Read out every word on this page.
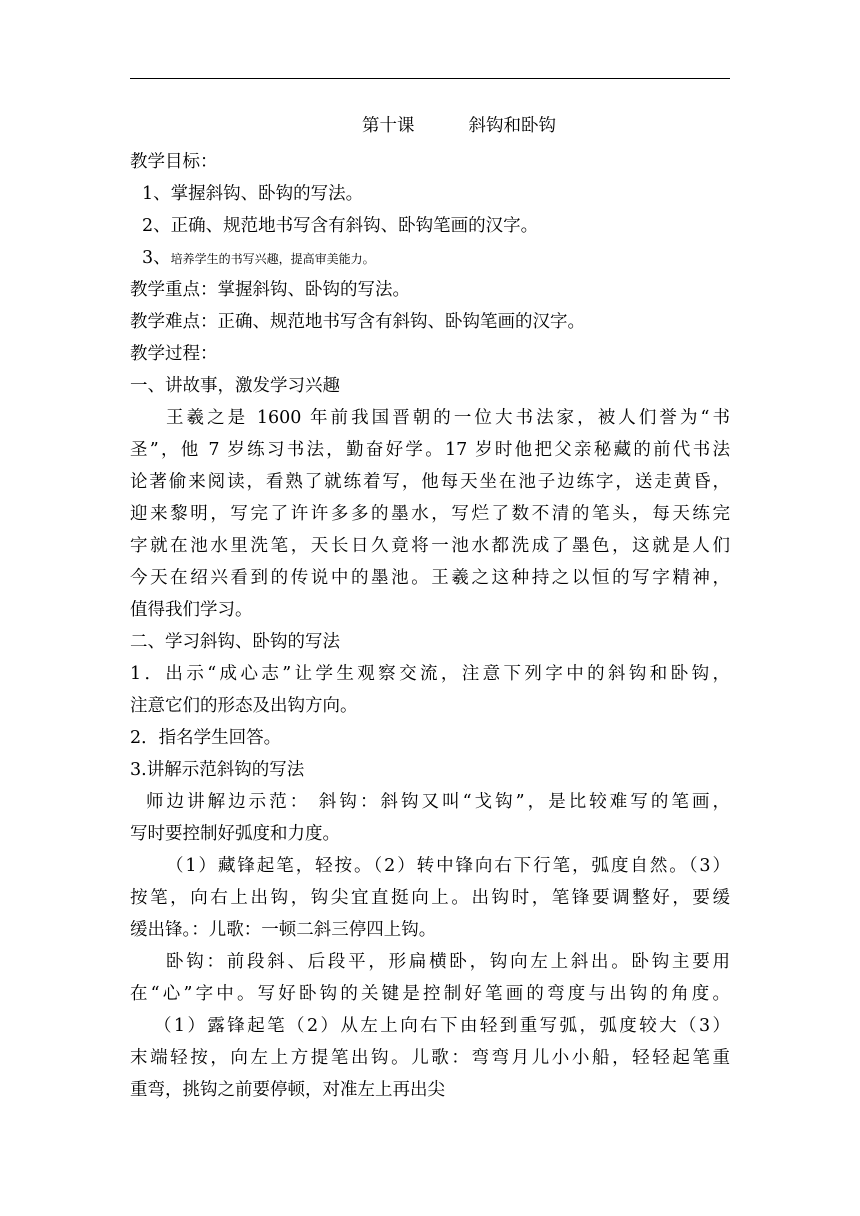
第十课	斜钩和卧钩
教学目标：
1、掌握斜钩、卧钩的写法。
2、正确、规范地书写含有斜钩、卧钩笔画的汉字。
3、培养学生的书写兴趣，提高审美能力。
教学重点：掌握斜钩、卧钩的写法。
教学难点：正确、规范地书写含有斜钩、卧钩笔画的汉字。
教学过程：
一、讲故事，激发学习兴趣
王羲之是 1600 年前我国晋朝的一位大书法家，被人们誉为“书
圣”，他 7 岁练习书法，勤奋好学。17 岁时他把父亲秘藏的前代书法
论著偷来阅读，看熟了就练着写，他每天坐在池子边练字，送走黄昏，
迎来黎明，写完了许许多多的墨水，写烂了数不清的笔头，每天练完
字就在池水里洗笔，天长日久竟将一池水都洗成了墨色，这就是人们
今天在绍兴看到的传说中的墨池。王羲之这种持之以恒的写字精神，
值得我们学习。
二、学习斜钩、卧钩的写法
1．出示“成心志”让学生观察交流，注意下列字中的斜钩和卧钩，
注意它们的形态及出钩方向。
2．指名学生回答。
3.讲解示范斜钩的写法
师边讲解边示范： 斜钩：斜钩又叫“戈钩”，是比较难写的笔画，
写时要控制好弧度和力度。
（1）藏锋起笔，轻按。（2）转中锋向右下行笔，弧度自然。（3）
按笔，向右上出钩，钩尖宜直挺向上。出钩时，笔锋要调整好，要缓
缓出锋。：儿歌：一顿二斜三停四上钩。
卧钩：前段斜、后段平，形扁横卧，钩向左上斜出。卧钩主要用
在“心”字中。写好卧钩的关键是控制好笔画的弯度与出钩的角度。
（1）露锋起笔（2）从左上向右下由轻到重写弧，弧度较大（3）
末端轻按，向左上方提笔出钩。儿歌：弯弯月儿小小船，轻轻起笔重
重弯，挑钩之前要停顿，对准左上再出尖
